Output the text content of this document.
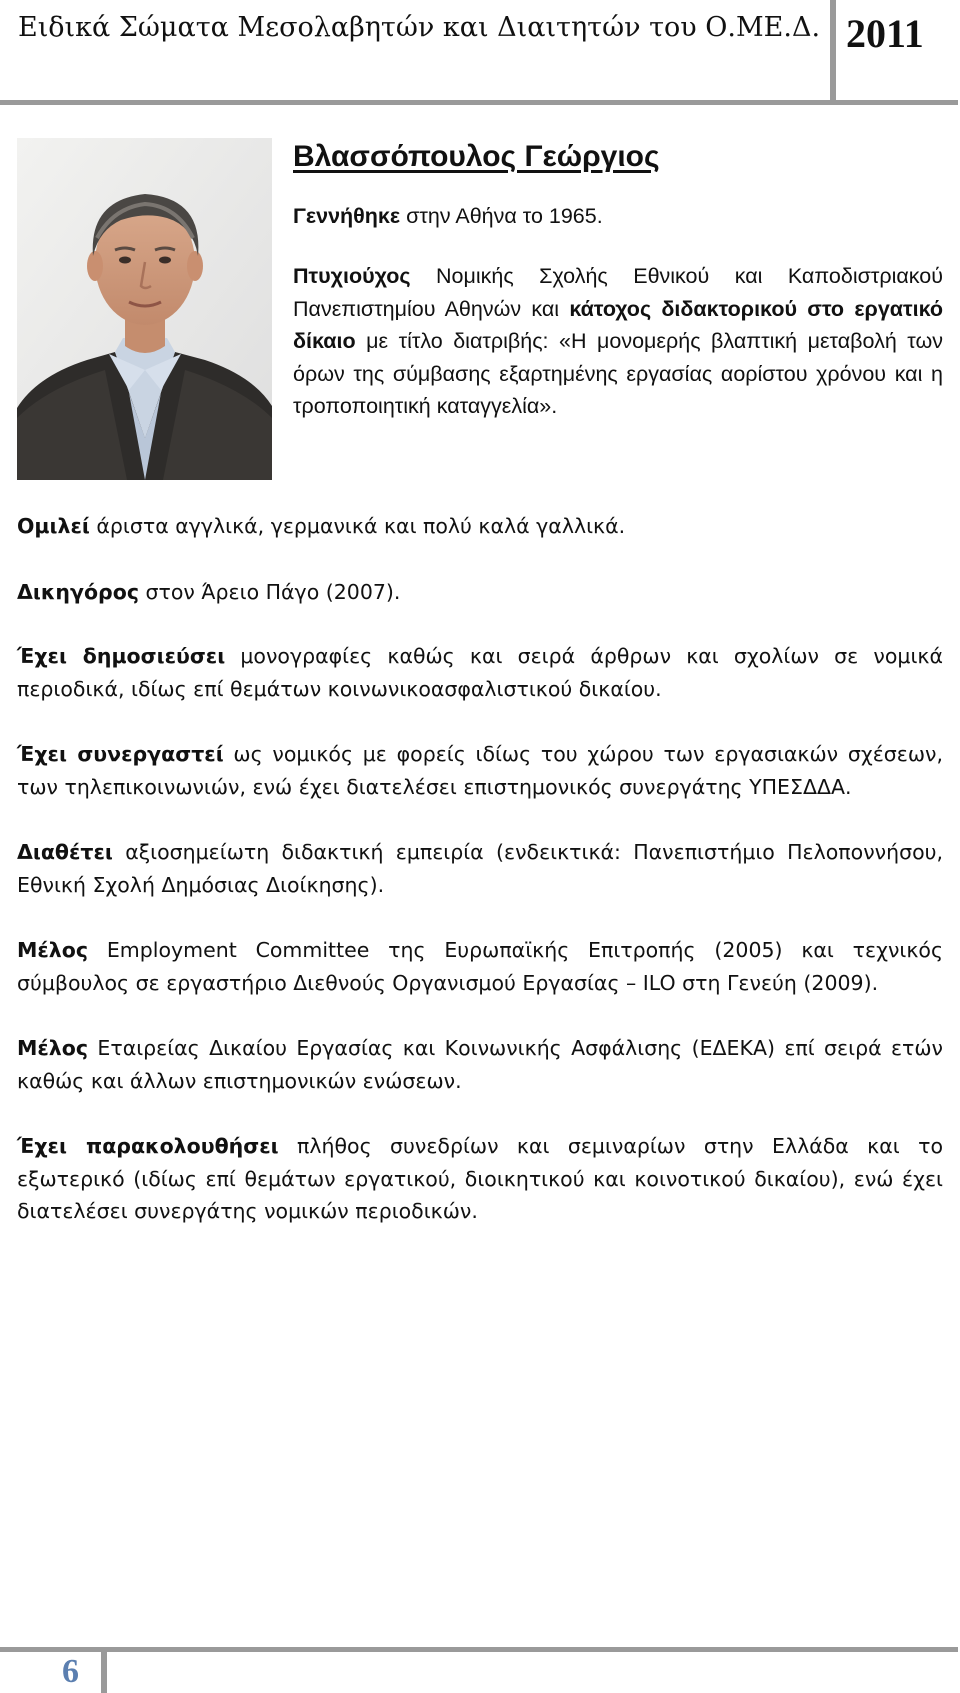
Ειδικά Σώματα Μεσολαβητών και Διαιτητών του Ο.ΜΕ.Δ. 2011
Βλασσόπουλος Γεώργιος
Γεννήθηκε στην Αθήνα το 1965.
Πτυχιούχος Νομικής Σχολής Εθνικού και Καποδιστριακού Πανεπιστημίου Αθηνών και κάτοχος διδακτορικού στο εργατικό δίκαιο με τίτλο διατριβής: «Η μονομερής βλαπτική μεταβολή των όρων της σύμβασης εξαρτημένης εργασίας αορίστου χρόνου και η τροποποιητική καταγγελία».
Ομιλεί άριστα αγγλικά, γερμανικά και πολύ καλά γαλλικά.
Δικηγόρος στον Άρειο Πάγο (2007).
Έχει δημοσιεύσει μονογραφίες καθώς και σειρά άρθρων και σχολίων σε νομικά περιοδικά, ιδίως επί θεμάτων κοινωνικοασφαλιστικού δικαίου.
Έχει συνεργαστεί ως νομικός με φορείς ιδίως του χώρου των εργασιακών σχέσεων, των τηλεπικοινωνιών, ενώ έχει διατελέσει επιστημονικός συνεργάτης ΥΠΕΣΔΔΑ.
Διαθέτει αξιοσημείωτη διδακτική εμπειρία (ενδεικτικά: Πανεπιστήμιο Πελοποννήσου, Εθνική Σχολή Δημόσιας Διοίκησης).
Μέλος Employment Committee της Ευρωπαϊκής Επιτροπής (2005) και τεχνικός σύμβουλος σε εργαστήριο Διεθνούς Οργανισμού Εργασίας – ILO στη Γενεύη (2009).
Μέλος Εταιρείας Δικαίου Εργασίας και Κοινωνικής Ασφάλισης (ΕΔΕΚΑ) επί σειρά ετών καθώς και άλλων επιστημονικών ενώσεων.
Έχει παρακολουθήσει πλήθος συνεδρίων και σεμιναρίων στην Ελλάδα και το εξωτερικό (ιδίως επί θεμάτων εργατικού, διοικητικού και κοινοτικού δικαίου), ενώ έχει διατελέσει συνεργάτης νομικών περιοδικών.
6
